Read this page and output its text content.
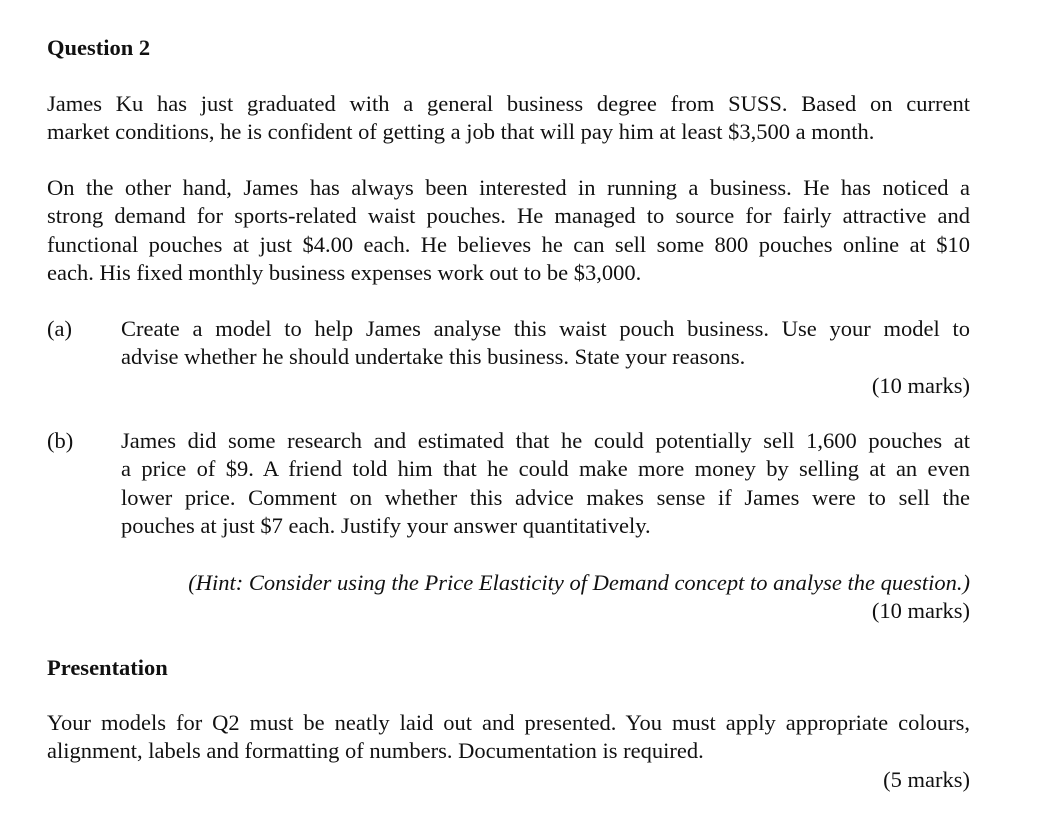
Question 2

James Ku has just graduated with a general business degree from SUSS. Based on current
market conditions, he is confident of getting a job that will pay him at least $3,500 a month.

On the other hand, James has always been interested in running a business. He has noticed a
strong demand for sports-related waist pouches. He managed to source for fairly attractive and
functional pouches at just $4.00 each. He believes he can sell some 800 pouches online at $10
each. His fixed monthly business expenses work out to be $3,000.

(a) Create a model to help James analyse this waist pouch business. Use your model to
advise whether he should undertake this business. State your reasons.
(10 marks)
(b) James did some research and estimated that he could potentially sell 1,600 pouches at
a price of $9. A friend told him that he could make more money by selling at an even
lower price. Comment on whether this advice makes sense if James were to sell the
pouches at just $7 each. Justify your answer quantitatively.
(Hint: Consider using the Price Elasticity of Demand concept to analyse the question.)
(10 marks)
Presentation

Your models for Q2 must be neatly laid out and presented. You must apply appropriate colours,
alignment, labels and formatting of numbers. Documentation is required.

(5 marks)
